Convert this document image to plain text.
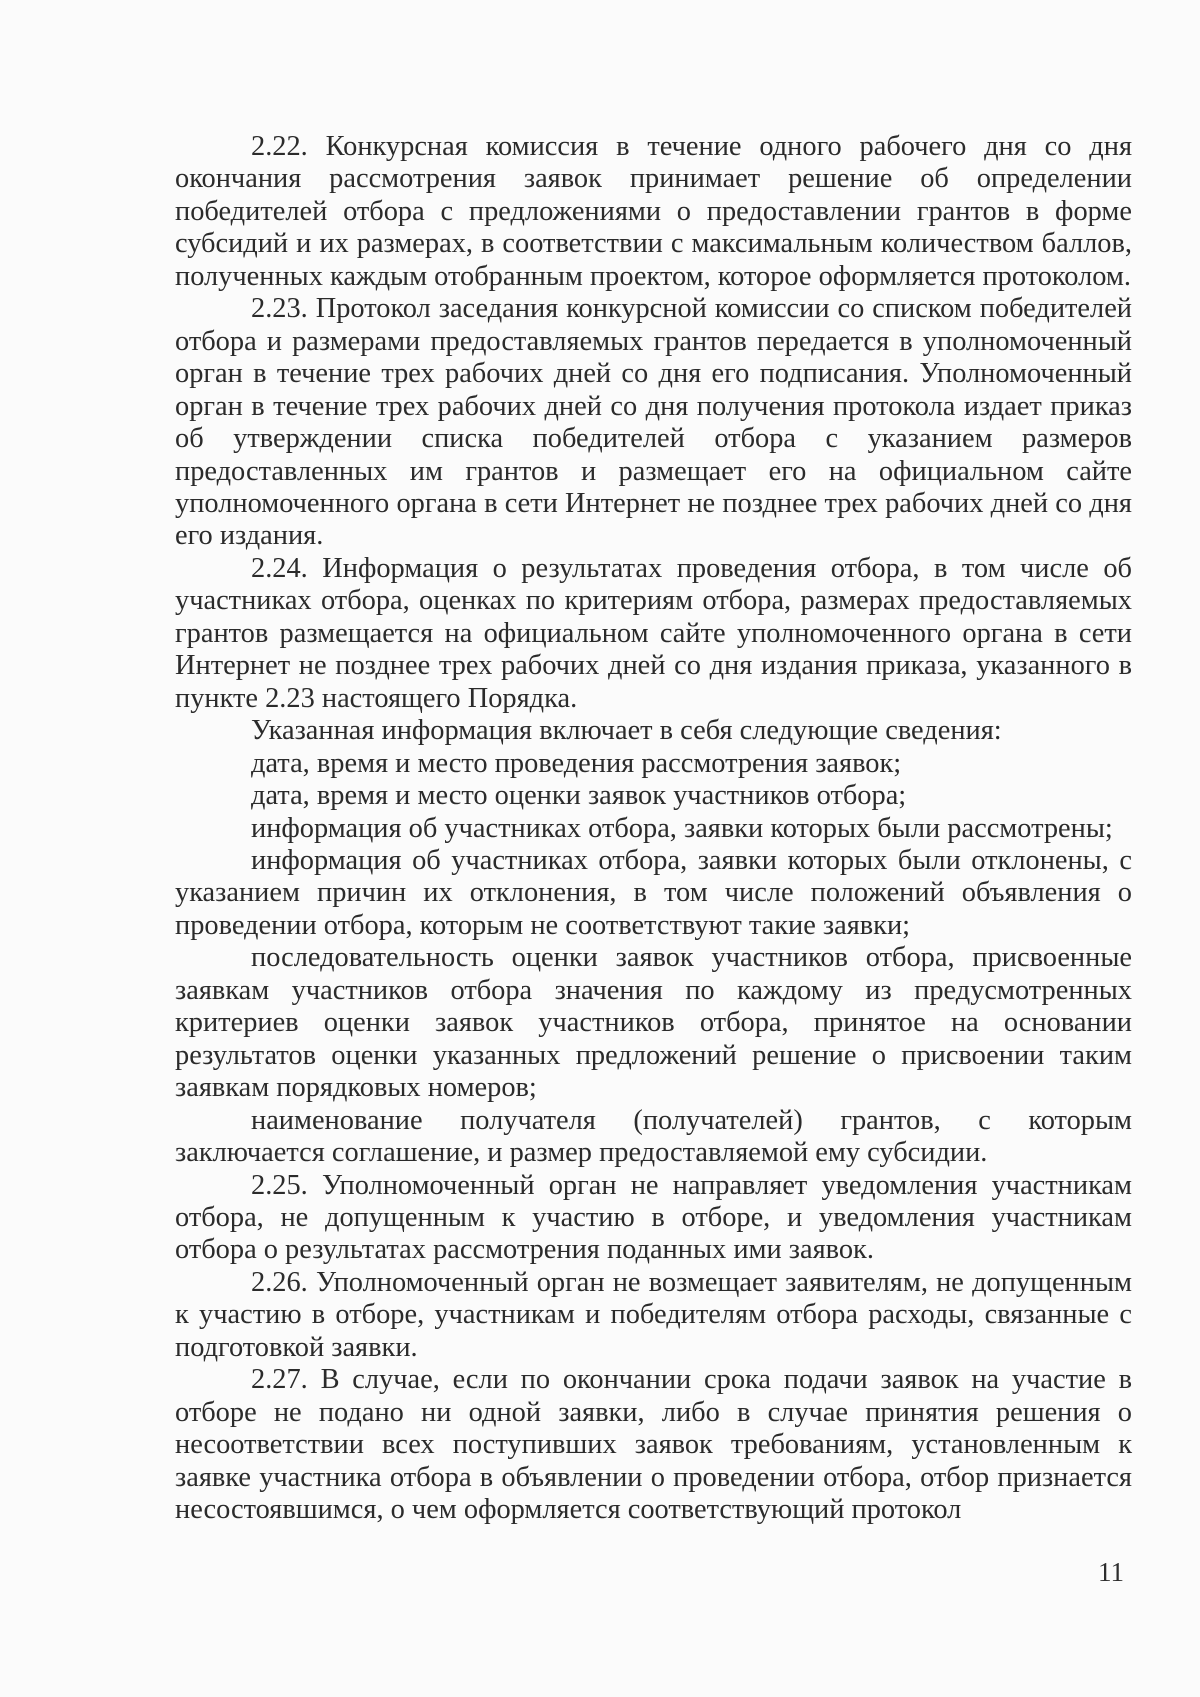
2.22. Конкурсная комиссия в течение одного рабочего дня со дня окончания рассмотрения заявок принимает решение об определении победителей отбора с предложениями о предоставлении грантов в форме субсидий и их размерах, в соответствии с максимальным количеством баллов, полученных каждым отобранным проектом, которое оформляется протоколом.

2.23. Протокол заседания конкурсной комиссии со списком победителей отбора и размерами предоставляемых грантов передается в уполномоченный орган в течение трех рабочих дней со дня его подписания. Уполномоченный орган в течение трех рабочих дней со дня получения протокола издает приказ об утверждении списка победителей отбора с указанием размеров предоставленных им грантов и размещает его на официальном сайте уполномоченного органа в сети Интернет не позднее трех рабочих дней со дня его издания.

2.24. Информация о результатах проведения отбора, в том числе об участниках отбора, оценках по критериям отбора, размерах предоставляемых грантов размещается на официальном сайте уполномоченного органа в сети Интернет не позднее трех рабочих дней со дня издания приказа, указанного в пункте 2.23 настоящего Порядка.

Указанная информация включает в себя следующие сведения:

дата, время и место проведения рассмотрения заявок;

дата, время и место оценки заявок участников отбора;

информация об участниках отбора, заявки которых были рассмотрены;

информация об участниках отбора, заявки которых были отклонены, с указанием причин их отклонения, в том числе положений объявления о проведении отбора, которым не соответствуют такие заявки;

последовательность оценки заявок участников отбора, присвоенные заявкам участников отбора значения по каждому из предусмотренных критериев оценки заявок участников отбора, принятое на основании результатов оценки указанных предложений решение о присвоении таким заявкам порядковых номеров;

наименование получателя (получателей) грантов, с которым заключается соглашение, и размер предоставляемой ему субсидии.

2.25. Уполномоченный орган не направляет уведомления участникам отбора, не допущенным к участию в отборе, и уведомления участникам отбора о результатах рассмотрения поданных ими заявок.

2.26. Уполномоченный орган не возмещает заявителям, не допущенным к участию в отборе, участникам и победителям отбора расходы, связанные с подготовкой заявки.

2.27. В случае, если по окончании срока подачи заявок на участие в отборе не подано ни одной заявки, либо в случае принятия решения о несоответствии всех поступивших заявок требованиям, установленным к заявке участника отбора в объявлении о проведении отбора, отбор признается несостоявшимся, о чем оформляется соответствующий протокол

11
